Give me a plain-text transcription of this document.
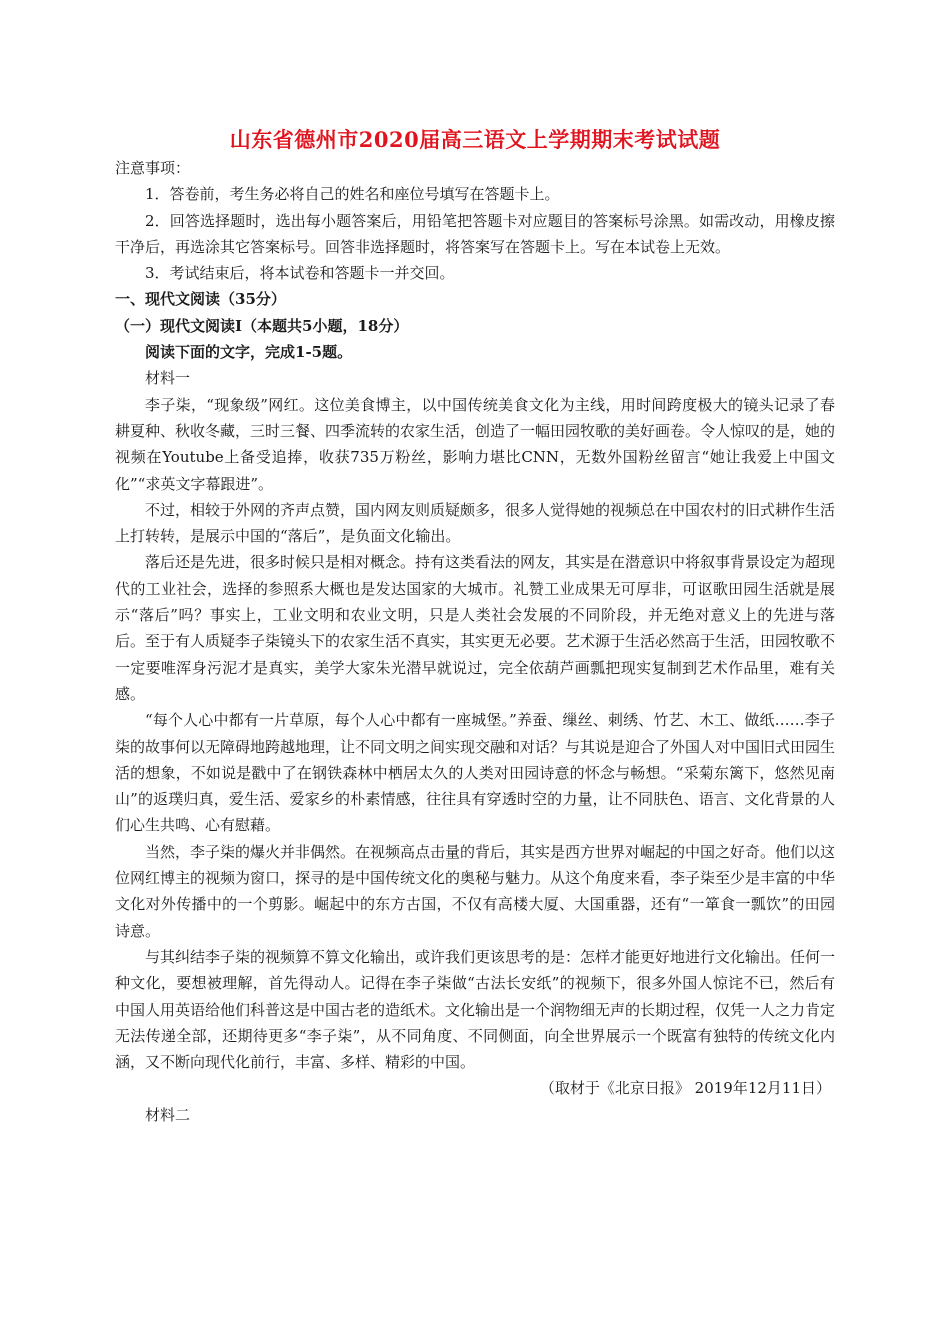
山东省德州市2020届高三语文上学期期末考试试题
注意事项：

1．答卷前，考生务必将自己的姓名和座位号填写在答题卡上。

2．回答选择题时，选出每小题答案后，用铅笔把答题卡对应题目的答案标号涂黑。如需改动，用橡皮擦干净后，再选涂其它答案标号。回答非选择题时，将答案写在答题卡上。写在本试卷上无效。

3．考试结束后，将本试卷和答题卡一并交回。

一、现代文阅读（35分）
（一）现代文阅读Ⅰ（本题共5小题，18分）
阅读下面的文字，完成1-5题。
材料一

李子柒，“现象级”网红。这位美食博主，以中国传统美食文化为主线，用时间跨度极大的镜头记录了春耕夏种、秋收冬藏，三时三餐、四季流转的农家生活，创造了一幅田园牧歌的美好画卷。令人惊叹的是，她的视频在Youtube上备受追捧，收获735万粉丝，影响力堪比CNN，无数外国粉丝留言“她让我爱上中国文化”“求英文字幕跟进”。

不过，相较于外网的齐声点赞，国内网友则质疑颇多，很多人觉得她的视频总在中国农村的旧式耕作生活上打转转，是展示中国的“落后”，是负面文化输出。

落后还是先进，很多时候只是相对概念。持有这类看法的网友，其实是在潜意识中将叙事背景设定为超现代的工业社会，选择的参照系大概也是发达国家的大城市。礼赞工业成果无可厚非，可讴歌田园生活就是展示“落后”吗？事实上，工业文明和农业文明，只是人类社会发展的不同阶段，并无绝对意义上的先进与落后。至于有人质疑李子柒镜头下的农家生活不真实，其实更无必要。艺术源于生活必然高于生活，田园牧歌不一定要唯浑身污泥才是真实，美学大家朱光潜早就说过，完全依葫芦画瓢把现实复制到艺术作品里，难有关感。

“每个人心中都有一片草原，每个人心中都有一座城堡。”养蚕、缫丝、刺绣、竹艺、木工、做纸……李子柒的故事何以无障碍地跨越地理，让不同文明之间实现交融和对话？与其说是迎合了外国人对中国旧式田园生活的想象，不如说是戳中了在钢铁森林中栖居太久的人类对田园诗意的怀念与畅想。“采菊东篱下，悠然见南山”的返璞归真，爱生活、爱家乡的朴素情感，往往具有穿透时空的力量，让不同肤色、语言、文化背景的人们心生共鸣、心有慰藉。

当然，李子柒的爆火并非偶然。在视频高点击量的背后，其实是西方世界对崛起的中国之好奇。他们以这位网红博主的视频为窗口，探寻的是中国传统文化的奥秘与魅力。从这个角度来看，李子柒至少是丰富的中华文化对外传播中的一个剪影。崛起中的东方古国，不仅有高楼大厦、大国重器，还有“一箪食一瓢饮”的田园诗意。

与其纠结李子柒的视频算不算文化输出，或许我们更该思考的是：怎样才能更好地进行文化输出。任何一种文化，要想被理解，首先得动人。记得在李子柒做“古法长安纸”的视频下，很多外国人惊诧不已，然后有中国人用英语给他们科普这是中国古老的造纸术。文化输出是一个润物细无声的长期过程，仅凭一人之力肯定无法传递全部，还期待更多“李子柒”，从不同角度、不同侧面，向全世界展示一个既富有独特的传统文化内涵，又不断向现代化前行，丰富、多样、精彩的中国。

（取材于《北京日报》 2019年12月11日）
材料二
